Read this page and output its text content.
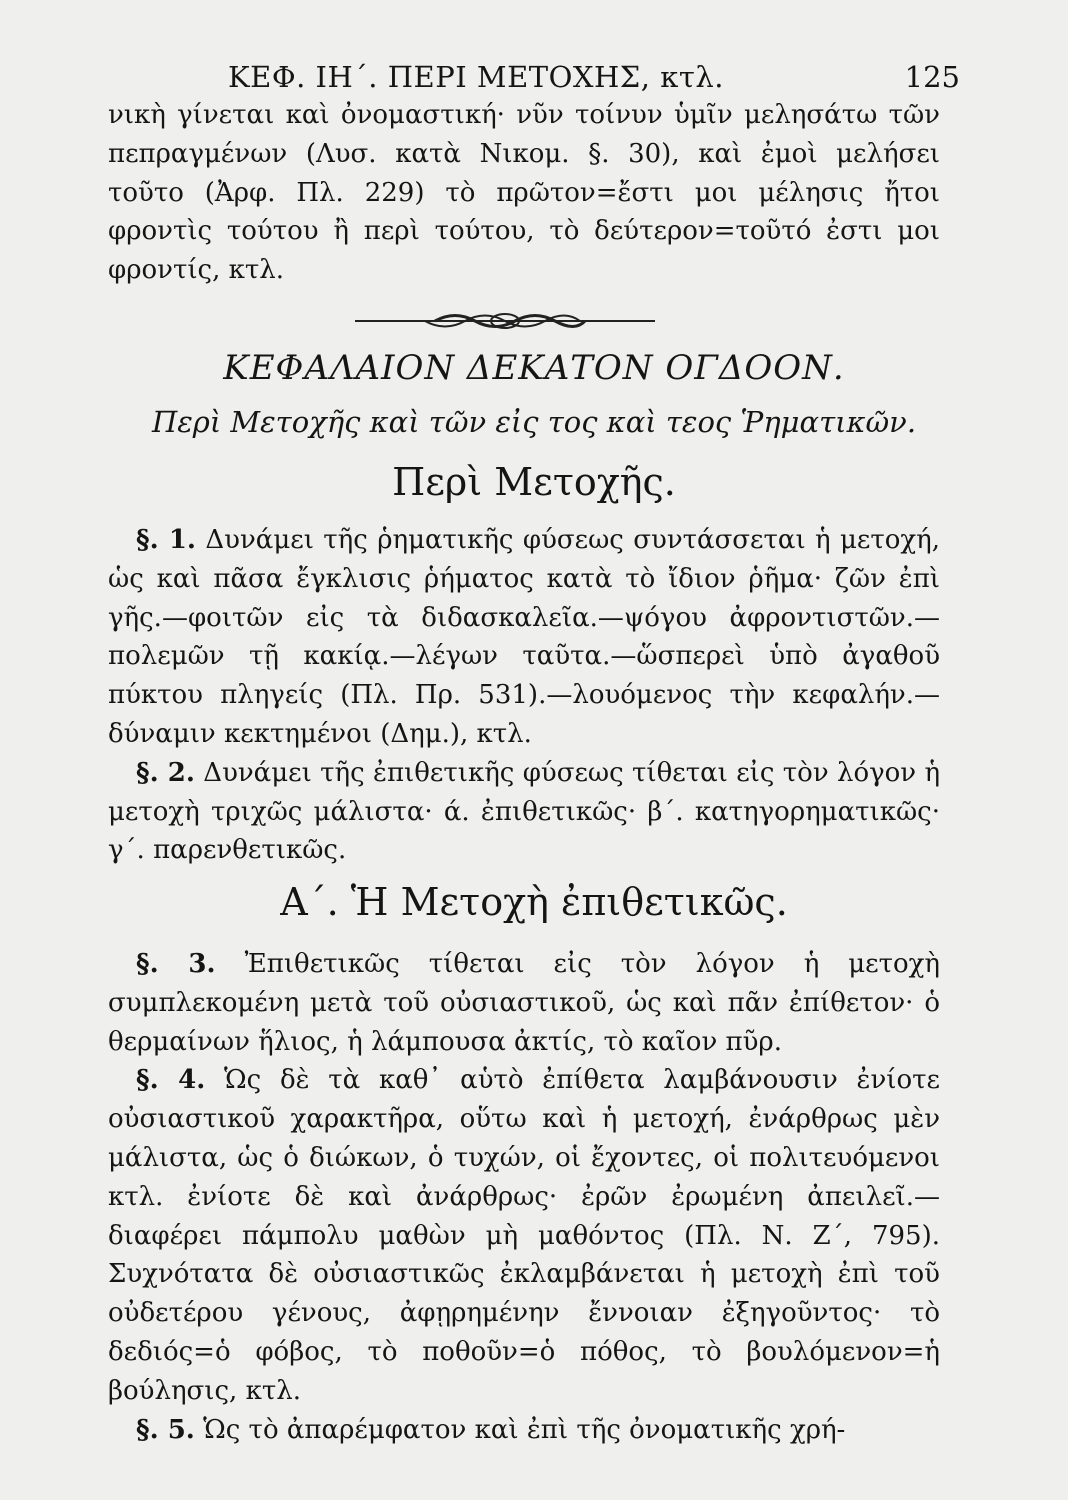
ΚΕΦ. ΙΗ΄. ΠΕΡΙ ΜΕΤΟΧΗΣ, κτλ.	125

νικὴ γίνεται καὶ ὀνομαστική· νῦν τοίνυν ὑμῖν μελησάτω τῶν πεπραγμένων (Λυσ. κατὰ Νικομ. §. 30), καὶ ἐμοὶ μελήσει τοῦτο (Ἀρφ. Πλ. 229) τὸ πρῶτον=ἔστι μοι μέλησις ἤτοι φροντὶς τούτου ἢ περὶ τούτου, τὸ δεύτερον=τοῦτό ἐστι μοι φροντίς, κτλ.

ΚΕΦΑΛΑΙΟΝ ΔΕΚΑΤΟΝ ΟΓΔΟΟΝ.
Περὶ Μετοχῆς καὶ τῶν εἰς τος καὶ τεος Ῥηματικῶν.
Περὶ Μετοχῆς.

§. 1. Δυνάμει τῆς ῥηματικῆς φύσεως συντάσσεται ἡ μετοχή, ὡς καὶ πᾶσα ἔγκλισις ῥήματος κατὰ τὸ ἴδιον ῥῆμα· ζῶν ἐπὶ γῆς.—φοιτῶν εἰς τὰ διδασκαλεῖα.—ψόγου ἀφροντιστῶν.—πολεμῶν τῇ κακίᾳ.—λέγων ταῦτα.—ὥσπερεὶ ὑπὸ ἀγαθοῦ πύκτου πληγείς (Πλ. Πρ. 531).—λουόμενος τὴν κεφαλήν.—δύναμιν κεκτημένοι (Δημ.), κτλ.

§. 2. Δυνάμει τῆς ἐπιθετικῆς φύσεως τίθεται εἰς τὸν λόγον ἡ μετοχὴ τριχῶς μάλιστα· ά. ἐπιθετικῶς· β΄. κατηγορηματικῶς· γ΄. παρενθετικῶς.

Α΄. Ἡ Μετοχὴ ἐπιθετικῶς.

§. 3. Ἐπιθετικῶς τίθεται εἰς τὸν λόγον ἡ μετοχὴ συμπλεκομένη μετὰ τοῦ οὐσιαστικοῦ, ὡς καὶ πᾶν ἐπίθετον· ὁ θερμαίνων ἥλιος, ἡ λάμπουσα ἀκτίς, τὸ καῖον πῦρ.

§. 4. Ὡς δὲ τὰ καθ᾽ αὑτὸ ἐπίθετα λαμβάνουσιν ἐνίοτε οὐσιαστικοῦ χαρακτῆρα, οὕτω καὶ ἡ μετοχή, ἐνάρθρως μὲν μάλιστα, ὡς ὁ διώκων, ὁ τυχών, οἱ ἔχοντες, οἱ πολιτευόμενοι κτλ. ἐνίοτε δὲ καὶ ἀνάρθρως· ἐρῶν ἐρωμένη ἀπειλεῖ.— διαφέρει πάμπολυ μαθὼν μὴ μαθόντος (Πλ. Ν. Ζ΄, 795). Συχνότατα δὲ οὐσιαστικῶς ἐκλαμβάνεται ἡ μετοχὴ ἐπὶ τοῦ οὐδετέρου γένους, ἀφῃρημένην ἔννοιαν ἐξηγοῦντος· τὸ δεδιός=ὁ φόβος, τὸ ποθοῦν=ὁ πόθος, τὸ βουλόμενον=ἡ βούλησις, κτλ.

§. 5. Ὡς τὸ ἀπαρέμφατον καὶ ἐπὶ τῆς ὀνοματικῆς χρή-
